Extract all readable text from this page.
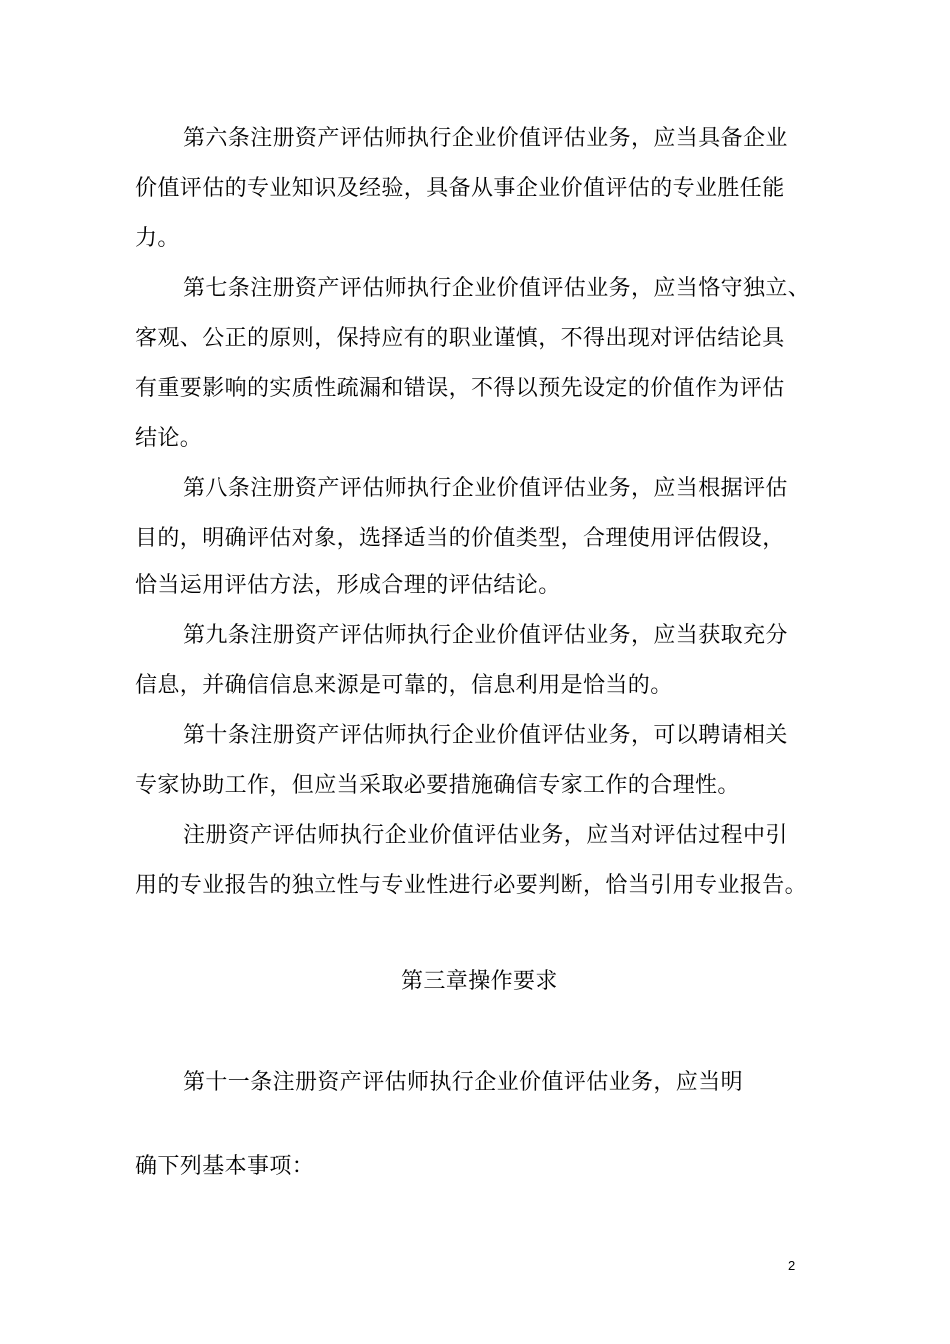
第六条注册资产评估师执行企业价值评估业务，应当具备企业
价值评估的专业知识及经验，具备从事企业价值评估的专业胜任能
力。
第七条注册资产评估师执行企业价值评估业务，应当恪守独立、
客观、公正的原则，保持应有的职业谨慎，不得出现对评估结论具
有重要影响的实质性疏漏和错误，不得以预先设定的价值作为评估
结论。
第八条注册资产评估师执行企业价值评估业务，应当根据评估
目的，明确评估对象，选择适当的价值类型，合理使用评估假设，
恰当运用评估方法，形成合理的评估结论。
第九条注册资产评估师执行企业价值评估业务，应当获取充分
信息，并确信信息来源是可靠的，信息利用是恰当的。
第十条注册资产评估师执行企业价值评估业务，可以聘请相关
专家协助工作，但应当采取必要措施确信专家工作的合理性。
注册资产评估师执行企业价值评估业务，应当对评估过程中引
用的专业报告的独立性与专业性进行必要判断，恰当引用专业报告。
第三章操作要求
第十一条注册资产评估师执行企业价值评估业务，应当明
确下列基本事项：
2
